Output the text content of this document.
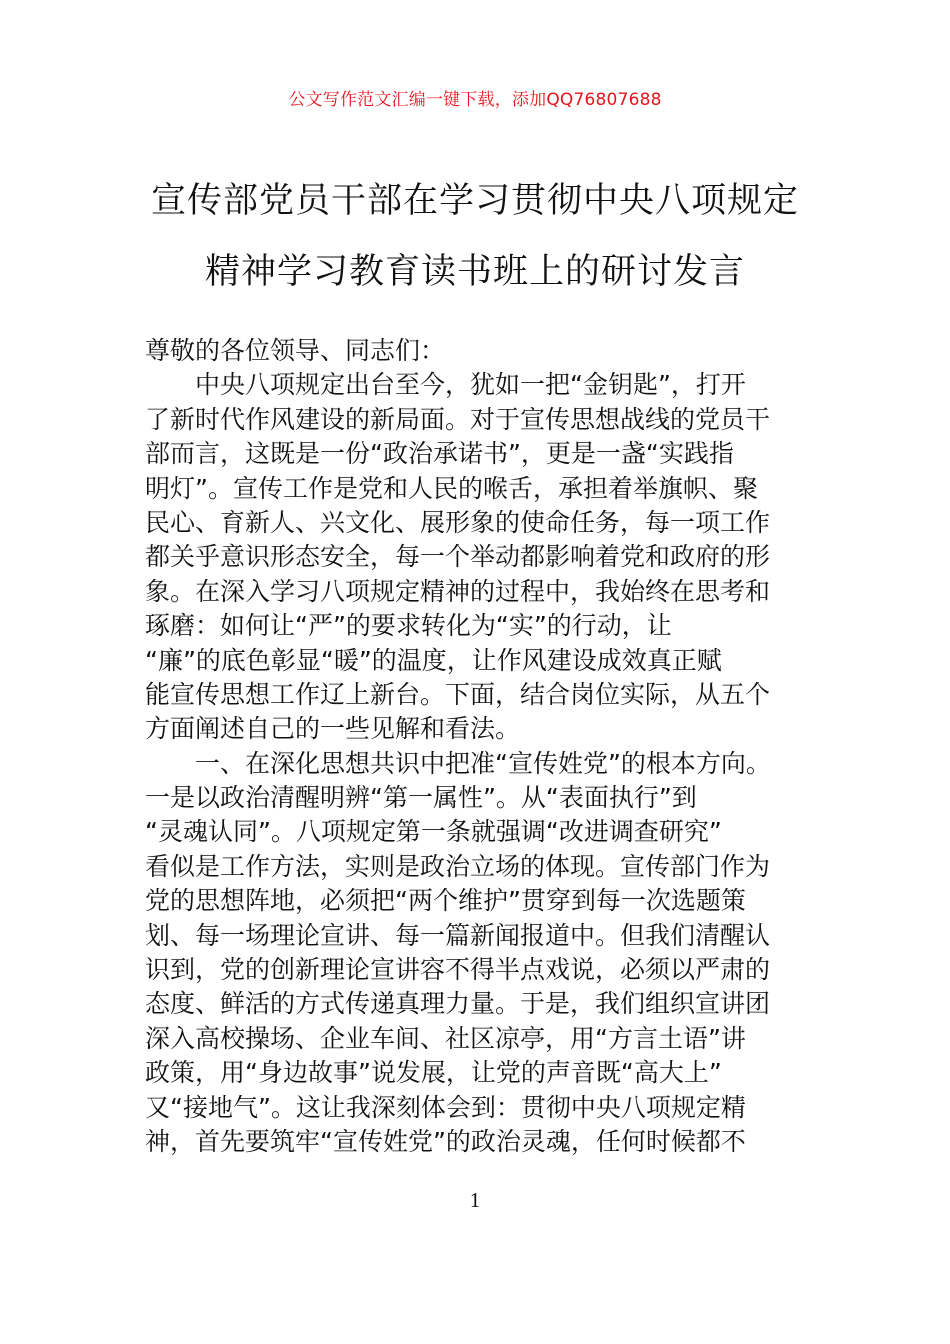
公文写作范文汇编一键下载，添加QQ76807688
宣传部党员干部在学习贯彻中央八项规定
精神学习教育读书班上的研讨发言
尊敬的各位领导、同志们：
　　中央八项规定出台至今，犹如一把“金钥匙”，打开
了新时代作风建设的新局面。对于宣传思想战线的党员干
部而言，这既是一份“政治承诺书”，更是一盏“实践指
明灯”。宣传工作是党和人民的喉舌，承担着举旗帜、聚
民心、育新人、兴文化、展形象的使命任务，每一项工作
都关乎意识形态安全，每一个举动都影响着党和政府的形
象。在深入学习八项规定精神的过程中，我始终在思考和
琢磨：如何让“严”的要求转化为“实”的行动，让
“廉”的底色彰显“暖”的温度，让作风建设成效真正赋
能宣传思想工作辽上新台。下面，结合岗位实际，从五个
方面阐述自己的一些见解和看法。
　　一、在深化思想共识中把准“宣传姓党”的根本方向。
一是以政治清醒明辨“第一属性”。从“表面执行”到
“灵魂认同”。八项规定第一条就强调“改进调查研究”
看似是工作方法，实则是政治立场的体现。宣传部门作为
党的思想阵地，必须把“两个维护”贯穿到每一次选题策
划、每一场理论宣讲、每一篇新闻报道中。但我们清醒认
识到，党的创新理论宣讲容不得半点戏说，必须以严肃的
态度、鲜活的方式传递真理力量。于是，我们组织宣讲团
深入高校操场、企业车间、社区凉亭，用“方言土语”讲
政策，用“身边故事”说发展，让党的声音既“高大上”
又“接地气”。这让我深刻体会到：贯彻中央八项规定精
神，首先要筑牢“宣传姓党”的政治灵魂，任何时候都不
1
